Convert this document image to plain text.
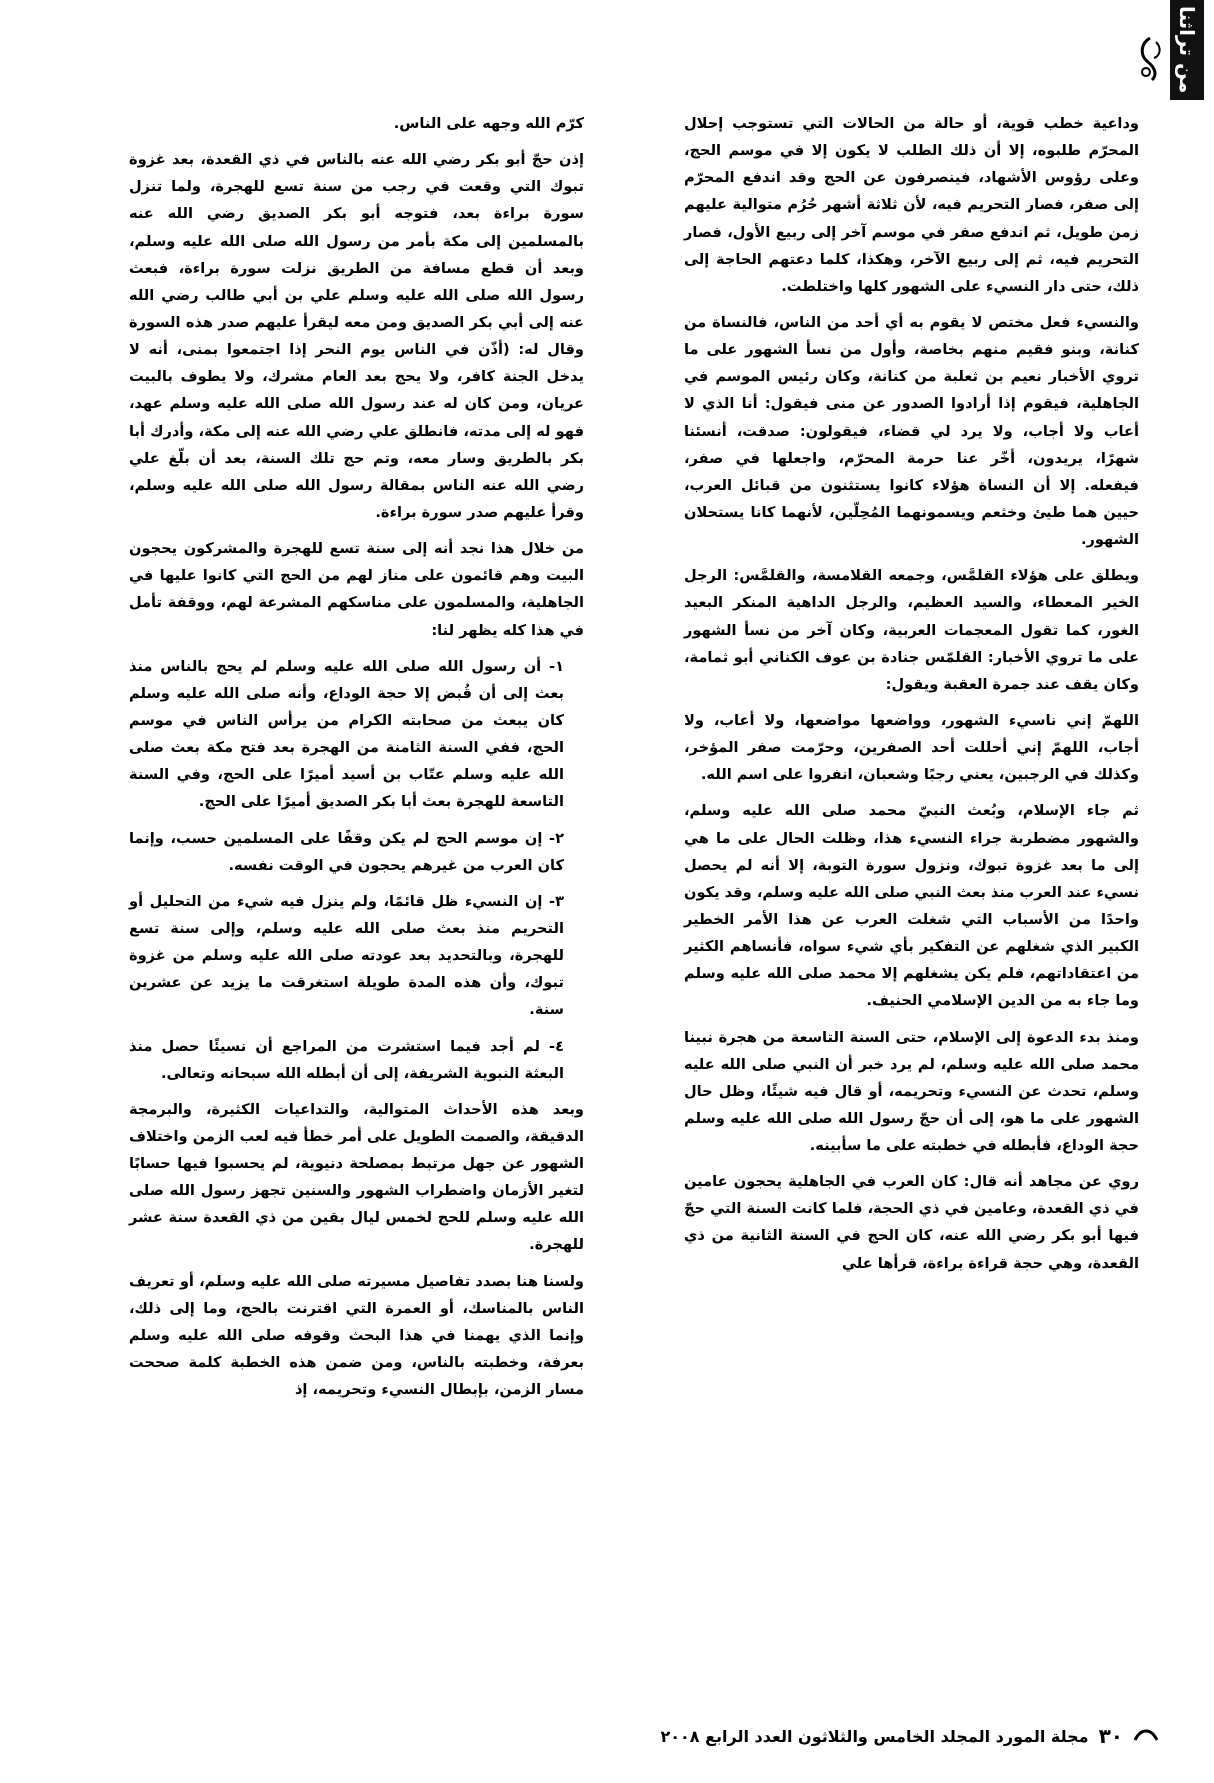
من تراثنا

وداعية خطب قوية، أو حالة من الحالات التي تستوجب إحلال المحرّم طلبوه، إلا أن ذلك الطلب لا يكون إلا في موسم الحج، وعلى رؤوس الأشهاد، فينصرفون عن الحج وقد اندفع المحرّم إلى صفر، فصار التحريم فيه، لأن ثلاثة أشهر حُرُم متوالية عليهم زمن طويل، ثم اندفع صفر في موسم آخر إلى ربيع الأول، فصار التحريم فيه، ثم إلى ربيع الآخر، وهكذا، كلما دعتهم الحاجة إلى ذلك، حتى دار النسيء على الشهور كلها واختلطت.

والنسيء فعل مختص لا يقوم به أي أحد من الناس، فالنساة من كنانة، وبنو فقيم منهم بخاصة، وأول من نسأ الشهور على ما تروي الأخبار نعيم بن ثعلبة من كنانة، وكان رئيس الموسم في الجاهلية، فيقوم إذا أرادوا الصدور عن منى فيقول: أنا الذي لا أعاب ولا أجاب، ولا يرد لي قضاء، فيقولون: صدقت، أنسئنا شهرًا، يريدون، أخّر عنا حرمة المحرّم، واجعلها في صفر، فيفعله. إلا أن النساة هؤلاء كانوا يستثنون من قبائل العرب، حيين هما طيئ وخثعم ويسمونهما المُحِلّين، لأنهما كانا يستحلان الشهور.

ويطلق على هؤلاء القلمَّس، وجمعه القلامسة، والقلمَّس: الرجل الخير المعطاء، والسيد العظيم، والرجل الداهية المنكر البعيد الغور، كما تقول المعجمات العربية، وكان آخر من نسأ الشهور على ما تروي الأخبار: القلمّس جنادة بن عوف الكناني أبو ثمامة، وكان يقف عند جمرة العقبة ويقول:

اللهمّ إني ناسيء الشهور، وواضعها مواضعها، ولا أعاب، ولا أجاب، اللهمّ إني أحللت أحد الصفرين، وحرّمت صفر المؤخر، وكذلك في الرجبين، يعني رجبًا وشعبان، انفروا على اسم الله.

ثم جاء الإسلام، وبُعث النبيّ محمد صلى الله عليه وسلم، والشهور مضطربة جراء النسيء هذا، وظلت الحال على ما هي إلى ما بعد غزوة تبوك، ونزول سورة التوبة، إلا أنه لم يحصل نسيء عند العرب منذ بعث النبي صلى الله عليه وسلم، وقد يكون واحدًا من الأسباب التي شغلت العرب عن هذا الأمر الخطير الكبير الذي شغلهم عن التفكير بأي شيء سواه، فأنساهم الكثير من اعتقاداتهم، فلم يكن يشغلهم إلا محمد صلى الله عليه وسلم وما جاء به من الدين الإسلامي الحنيف.

ومنذ بدء الدعوة إلى الإسلام، حتى السنة التاسعة من هجرة نبينا محمد صلى الله عليه وسلم، لم يرد خبر أن النبي صلى الله عليه وسلم، تحدث عن النسيء وتحريمه، أو قال فيه شيئًا، وظل حال الشهور على ما هو، إلى أن حجّ رسول الله صلى الله عليه وسلم حجة الوداع، فأبطله في خطبته على ما سأبينه.

روي عن مجاهد أنه قال: كان العرب في الجاهلية يحجون عامين في ذي القعدة، وعامين في ذي الحجة، فلما كانت السنة التي حجّ فيها أبو بكر رضي الله عنه، كان الحج في السنة الثانية من ذي القعدة، وهي حجة قراءة براءة، قرأها علي

كرّم الله وجهه على الناس.

إذن حجّ أبو بكر رضي الله عنه بالناس في ذي القعدة، بعد غزوة تبوك التي وقعت في رجب من سنة تسع للهجرة، ولما تنزل سورة براءة بعد، فتوجه أبو بكر الصديق رضي الله عنه بالمسلمين إلى مكة بأمر من رسول الله صلى الله عليه وسلم، وبعد أن قطع مسافة من الطريق نزلت سورة براءة، فبعث رسول الله صلى الله عليه وسلم علي بن أبي طالب رضي الله عنه إلى أبي بكر الصديق ومن معه ليقرأ عليهم صدر هذه السورة وقال له: (أذّن في الناس يوم النحر إذا اجتمعوا بمنى، أنه لا يدخل الجنة كافر، ولا يحج بعد العام مشرك، ولا يطوف بالبيت عريان، ومن كان له عند رسول الله صلى الله عليه وسلم عهد، فهو له إلى مدته، فانطلق علي رضي الله عنه إلى مكة، وأدرك أبا بكر بالطريق وسار معه، وتم حج تلك السنة، بعد أن بلّغ علي رضي الله عنه الناس بمقالة رسول الله صلى الله عليه وسلم، وقرأ عليهم صدر سورة براءة.

من خلال هذا نجد أنه إلى سنة تسع للهجرة والمشركون يحجون البيت وهم قائمون على مناز لهم من الحج التي كانوا عليها في الجاهلية، والمسلمون على مناسكهم المشرعة لهم، ووقفة تأمل في هذا كله يظهر لنا:

١- أن رسول الله صلى الله عليه وسلم لم يحج بالناس منذ بعث إلى أن قُبض إلا حجة الوداع، وأنه صلى الله عليه وسلم كان يبعث من صحابته الكرام من يرأس الناس في موسم الحج، ففي السنة الثامنة من الهجرة بعد فتح مكة بعث صلى الله عليه وسلم عتّاب بن أسيد أميرًا على الحج، وفي السنة التاسعة للهجرة بعث أبا بكر الصديق أميرًا على الحج.

٢- إن موسم الحج لم يكن وقفًا على المسلمين حسب، وإنما كان العرب من غيرهم يحجون في الوقت نفسه.

٣- إن النسيء ظل قائمًا، ولم ينزل فيه شيء من التحليل أو التحريم منذ بعث صلى الله عليه وسلم، وإلى سنة تسع للهجرة، وبالتحديد بعد عودته صلى الله عليه وسلم من غزوة تبوك، وأن هذه المدة طويلة استغرقت ما يزيد عن عشرين سنة.

٤- لم أجد فيما استشرت من المراجع أن نسيئًا حصل منذ البعثة النبوية الشريفة، إلى أن أبطله الله سبحانه وتعالى.

وبعد هذه الأحداث المتوالية، والتداعيات الكثيرة، والبرمجة الدقيقة، والصمت الطويل على أمر خطأ فيه لعب الزمن واختلاف الشهور عن جهل مرتبط بمصلحة دنيوية، لم يحسبوا فيها حسابًا لتغير الأزمان واضطراب الشهور والسنين تجهز رسول الله صلى الله عليه وسلم للحج لخمس ليال بقين من ذي القعدة سنة عشر للهجرة.

ولسنا هنا بصدد تفاصيل مسيرته صلى الله عليه وسلم، أو تعريف الناس بالمناسك، أو العمرة التي اقترنت بالحج، وما إلى ذلك، وإنما الذي يهمنا في هذا البحث وقوفه صلى الله عليه وسلم بعرفة، وخطبته بالناس، ومن ضمن هذه الخطبة كلمة صححت مسار الزمن، بإبطال النسيء وتحريمه، إذ

٣٠
مجلة المورد المجلد الخامس والثلاثون العدد الرابع ٢٠٠٨
